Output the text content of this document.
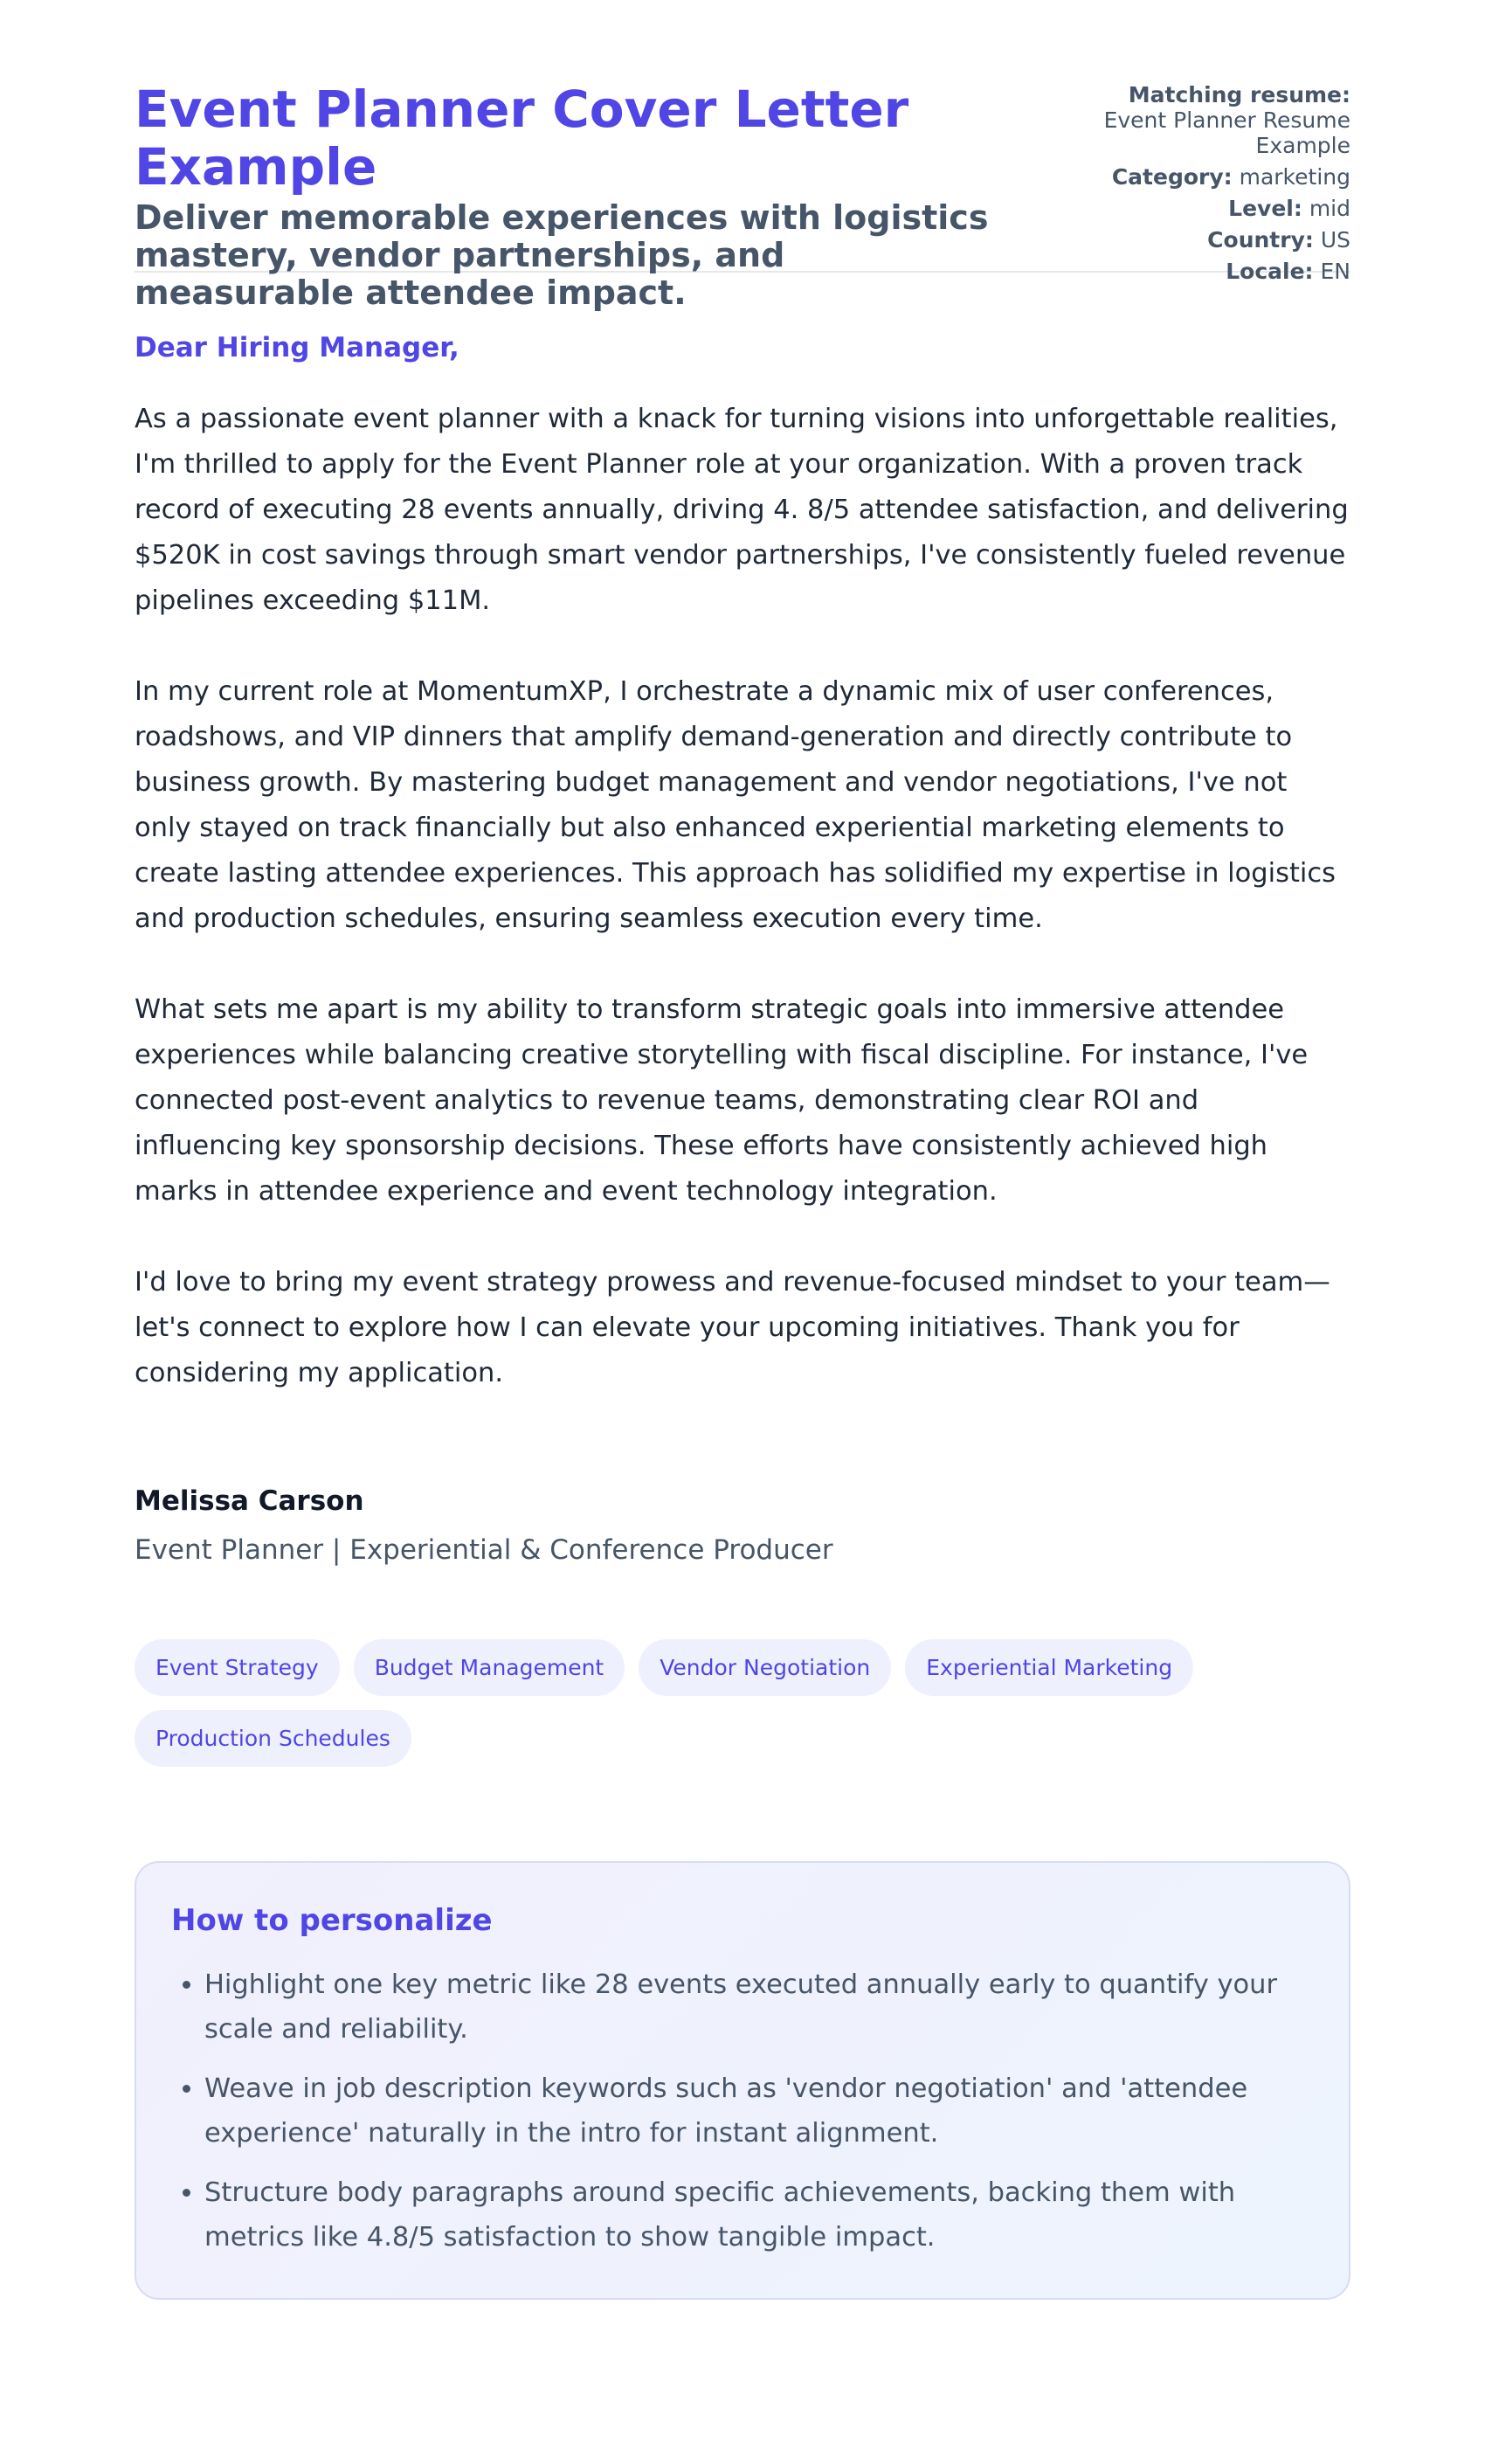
Event Planner Cover Letter Example
Deliver memorable experiences with logistics mastery, vendor partnerships, and measurable attendee impact.
Matching resume:
Event Planner Resume Example
Category: marketing
Level: mid
Country: US
Locale: EN

Dear Hiring Manager,

As a passionate event planner with a knack for turning visions into unforgettable realities, I'm thrilled to apply for the Event Planner role at your organization. With a proven track record of executing 28 events annually, driving 4. 8/5 attendee satisfaction, and delivering $520K in cost savings through smart vendor partnerships, I've consistently fueled revenue pipelines exceeding $11M.

In my current role at MomentumXP, I orchestrate a dynamic mix of user conferences, roadshows, and VIP dinners that amplify demand-generation and directly contribute to business growth. By mastering budget management and vendor negotiations, I've not only stayed on track financially but also enhanced experiential marketing elements to create lasting attendee experiences. This approach has solidified my expertise in logistics and production schedules, ensuring seamless execution every time.

What sets me apart is my ability to transform strategic goals into immersive attendee experiences while balancing creative storytelling with fiscal discipline. For instance, I've connected post-event analytics to revenue teams, demonstrating clear ROI and influencing key sponsorship decisions. These efforts have consistently achieved high marks in attendee experience and event technology integration.

I'd love to bring my event strategy prowess and revenue-focused mindset to your team—let's connect to explore how I can elevate your upcoming initiatives. Thank you for considering my application.

Melissa Carson

Event Planner | Experiential & Conference Producer

Event Strategy	Budget Management	Vendor Negotiation	Experiential Marketing
Production Schedules
How to personalize
• Highlight one key metric like 28 events executed annually early to quantify your scale and reliability.
• Weave in job description keywords such as 'vendor negotiation' and 'attendee experience' naturally in the intro for instant alignment.
• Structure body paragraphs around specific achievements, backing them with metrics like 4.8/5 satisfaction to show tangible impact.
